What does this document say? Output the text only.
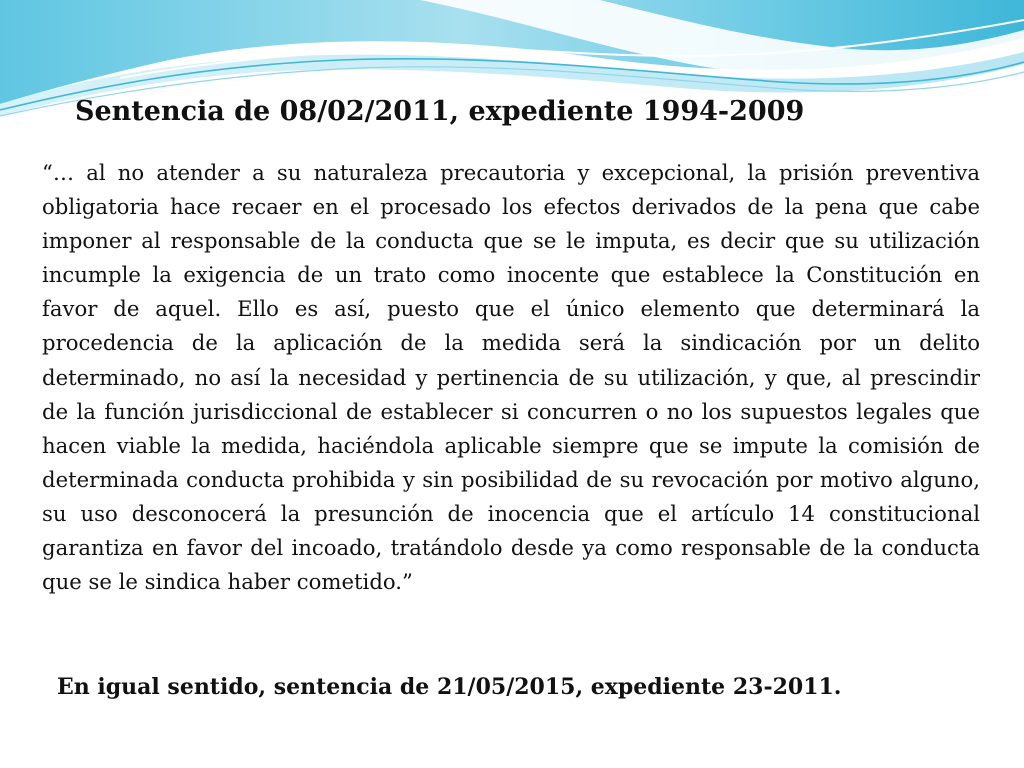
Sentencia de 08/02/2011, expediente 1994-2009

“… al no atender a su naturaleza precautoria y excepcional, la prisión preventiva obligatoria hace recaer en el procesado los efectos derivados de la pena que cabe imponer al responsable de la conducta que se le imputa, es decir que su utilización incumple la exigencia de un trato como inocente que establece la Constitución en favor de aquel. Ello es así, puesto que el único elemento que determinará la procedencia de la aplicación de la medida será la sindicación por un delito determinado, no así la necesidad y pertinencia de su utilización, y que, al prescindir de la función jurisdiccional de establecer si concurren o no los supuestos legales que hacen viable la medida, haciéndola aplicable siempre que se impute la comisión de determinada conducta prohibida y sin posibilidad de su revocación por motivo alguno, su uso desconocerá la presunción de inocencia que el artículo 14 constitucional garantiza en favor del incoado, tratándolo desde ya como responsable de la conducta que se le sindica haber cometido.”

En igual sentido, sentencia de 21/05/2015, expediente 23-2011.
